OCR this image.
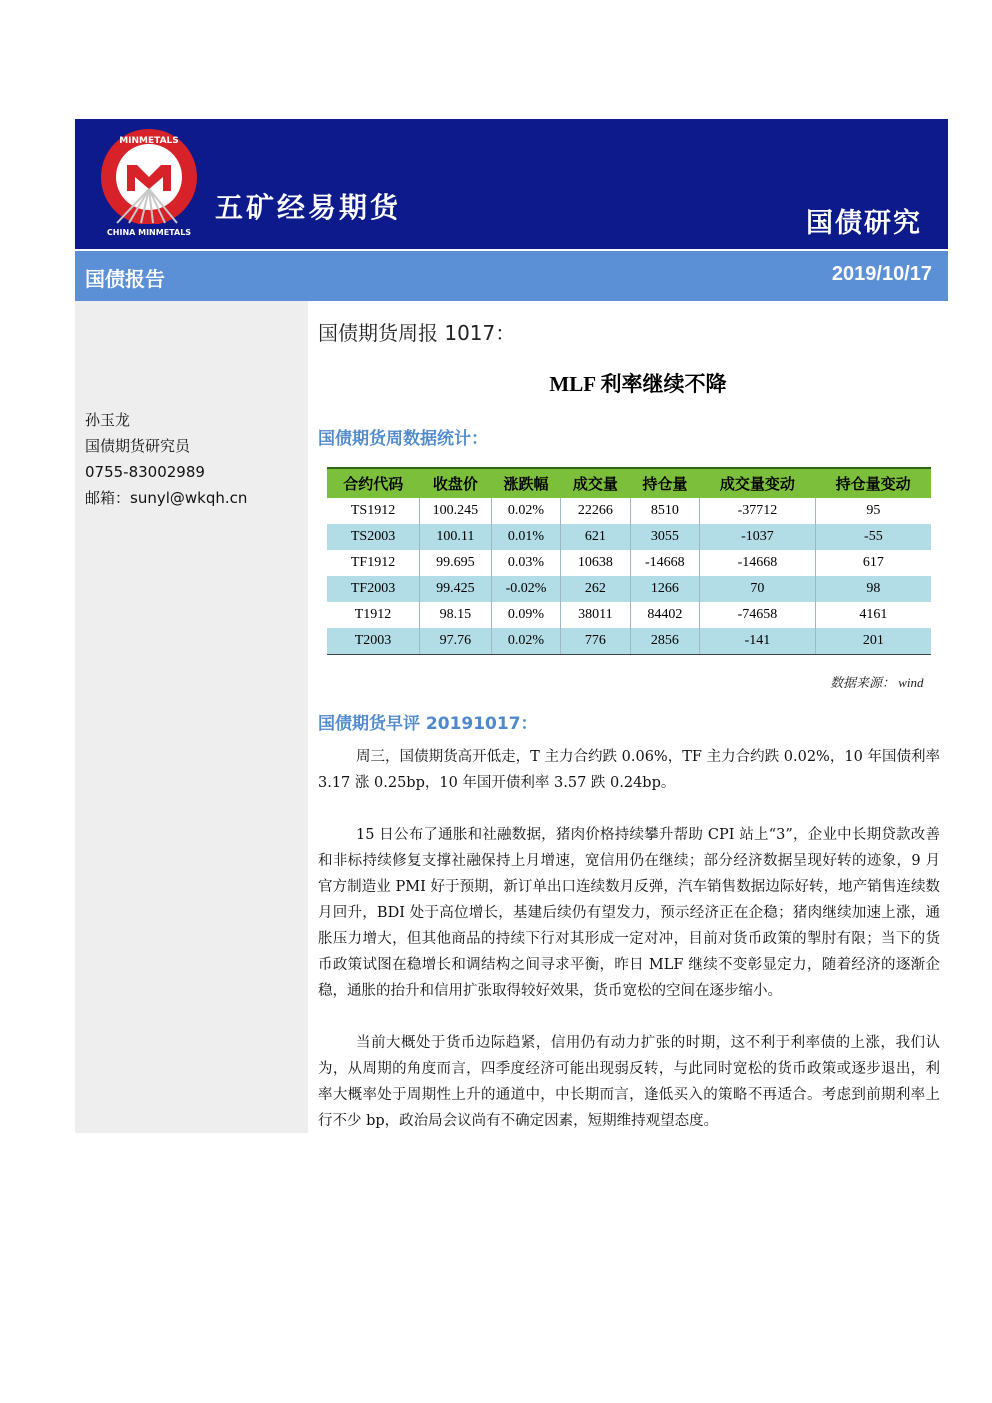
MINMETALS
CHINA MINMETALS
五矿经易期货	国债研究
国债报告	2019/10/17
孙玉龙
国债期货研究员
0755-83002989
邮箱：sunyl@wkqh.cn
国债期货周报 1017：
MLF 利率继续不降
国债期货周数据统计：
合约代码	收盘价	涨跌幅	成交量	持仓量	成交量变动	持仓量变动
TS1912	100.245	0.02%	22266	8510	-37712	95
TS2003	100.11	0.01%	621	3055	-1037	-55
TF1912	99.695	0.03%	10638	-14668	-14668	617
TF2003	99.425	-0.02%	262	1266	70	98
T1912	98.15	0.09%	38011	84402	-74658	4161
T2003	97.76	0.02%	776	2856	-141	201
数据来源： wind
国债期货早评 20191017：

周三，国债期货高开低走，T 主力合约跌 0.06%，TF 主力合约跌 0.02%，10 年国债利率 3.17 涨 0.25bp，10 年国开债利率 3.57 跌 0.24bp。

15 日公布了通胀和社融数据，猪肉价格持续攀升帮助 CPI 站上“3”，企业中长期贷款改善和非标持续修复支撑社融保持上月增速，宽信用仍在继续；部分经济数据呈现好转的迹象，9 月官方制造业 PMI 好于预期，新订单出口连续数月反弹，汽车销售数据边际好转，地产销售连续数月回升，BDI 处于高位增长，基建后续仍有望发力，预示经济正在企稳；猪肉继续加速上涨，通胀压力增大，但其他商品的持续下行对其形成一定对冲，目前对货币政策的掣肘有限；当下的货币政策试图在稳增长和调结构之间寻求平衡，昨日 MLF 继续不变彰显定力，随着经济的逐渐企稳，通胀的抬升和信用扩张取得较好效果，货币宽松的空间在逐步缩小。

当前大概处于货币边际趋紧，信用仍有动力扩张的时期，这不利于利率债的上涨，我们认为，从周期的角度而言，四季度经济可能出现弱反转，与此同时宽松的货币政策或逐步退出，利率大概率处于周期性上升的通道中，中长期而言，逢低买入的策略不再适合。考虑到前期利率上行不少 bp，政治局会议尚有不确定因素，短期维持观望态度。
